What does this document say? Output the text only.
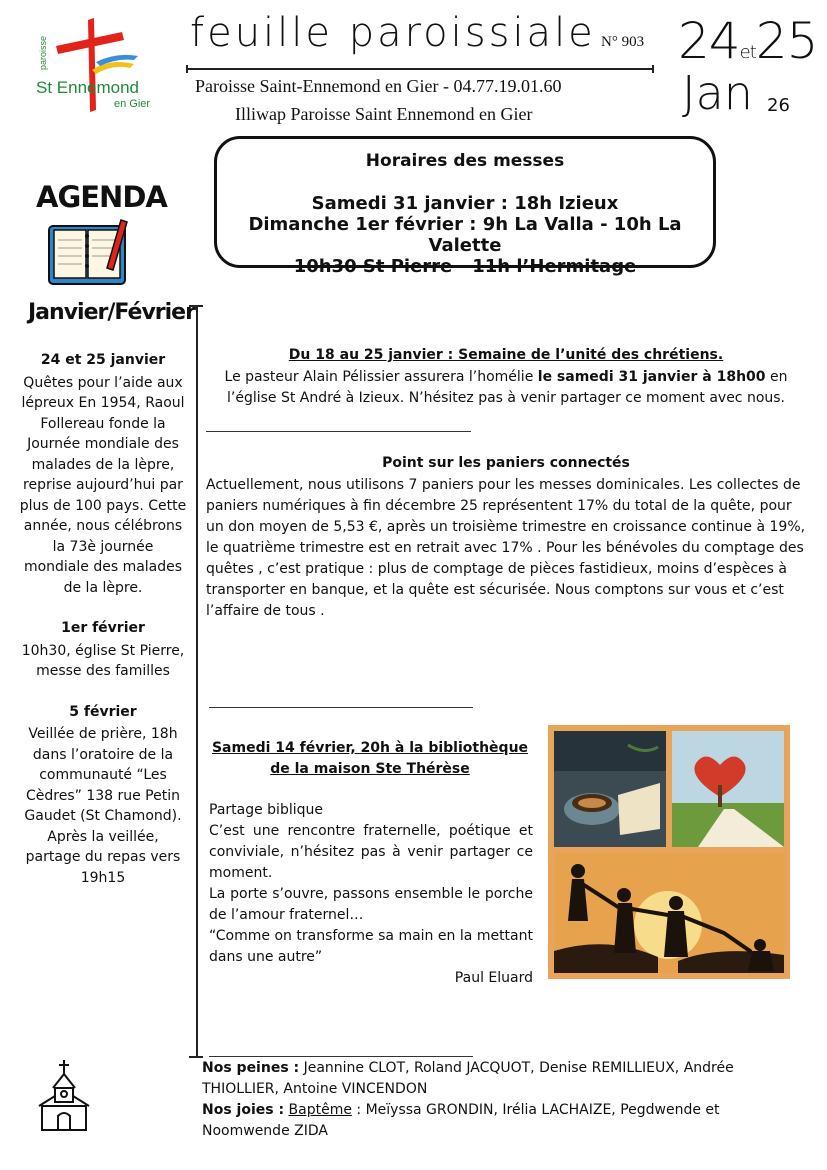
paroisse
St Ennemond
en Gier
feuille paroissiale N° 903
Paroisse Saint-Ennemond en Gier - 04.77.19.01.60
Illiwap Paroisse Saint Ennemond en Gier
24et25
Jan 26
Horaires des messes
Samedi 31 janvier : 18h Izieux
Dimanche 1er février : 9h La Valla - 10h La Valette
10h30 St Pierre - 11h l’Hermitage
AGENDA
Janvier/Février
24 et 25 janvier
Quêtes pour l’aide aux lépreux En 1954, Raoul Follereau fonde la Journée mondiale des malades de la lèpre, reprise aujourd’hui par plus de 100 pays. Cette année, nous célébrons la 73è journée mondiale des malades de la lèpre.
1er février
10h30, église St Pierre, messe des familles
5 février
Veillée de prière, 18h dans l’oratoire de la communauté “Les Cèdres” 138 rue Petin Gaudet (St Chamond). Après la veillée, partage du repas vers 19h15
Du 18 au 25 janvier : Semaine de l’unité des chrétiens.
Le pasteur Alain Pélissier assurera l’homélie le samedi 31 janvier à 18h00 en l’église St André à Izieux. N’hésitez pas à venir partager ce moment avec nous.
Point sur les paniers connectés
Actuellement, nous utilisons 7 paniers pour les messes dominicales. Les collectes de paniers numériques à fin décembre 25 représentent 17% du total de la quête, pour un don moyen de 5,53 €, après un troisième trimestre en croissance continue à 19%, le quatrième trimestre est en retrait avec 17% . Pour les bénévoles du comptage des quêtes , c’est pratique : plus de comptage de pièces fastidieux, moins d’espèces à transporter en banque, et la quête est sécurisée. Nous comptons sur vous et c’est l’affaire de tous .
Samedi 14 février, 20h à la bibliothèque de la maison Ste Thérèse
Partage biblique
C’est une rencontre fraternelle, poétique et conviviale, n’hésitez pas à venir partager ce moment.
La porte s’ouvre, passons ensemble le porche de l’amour fraternel…
“Comme on transforme sa main en la mettant dans une autre”
Paul Eluard
Nos peines : Jeannine CLOT, Roland JACQUOT, Denise REMILLIEUX, Andrée THIOLLIER, Antoine VINCENDON
Nos joies : Baptême : Meïyssa GRONDIN, Irélia LACHAIZE, Pegdwende et Noomwende ZIDA
